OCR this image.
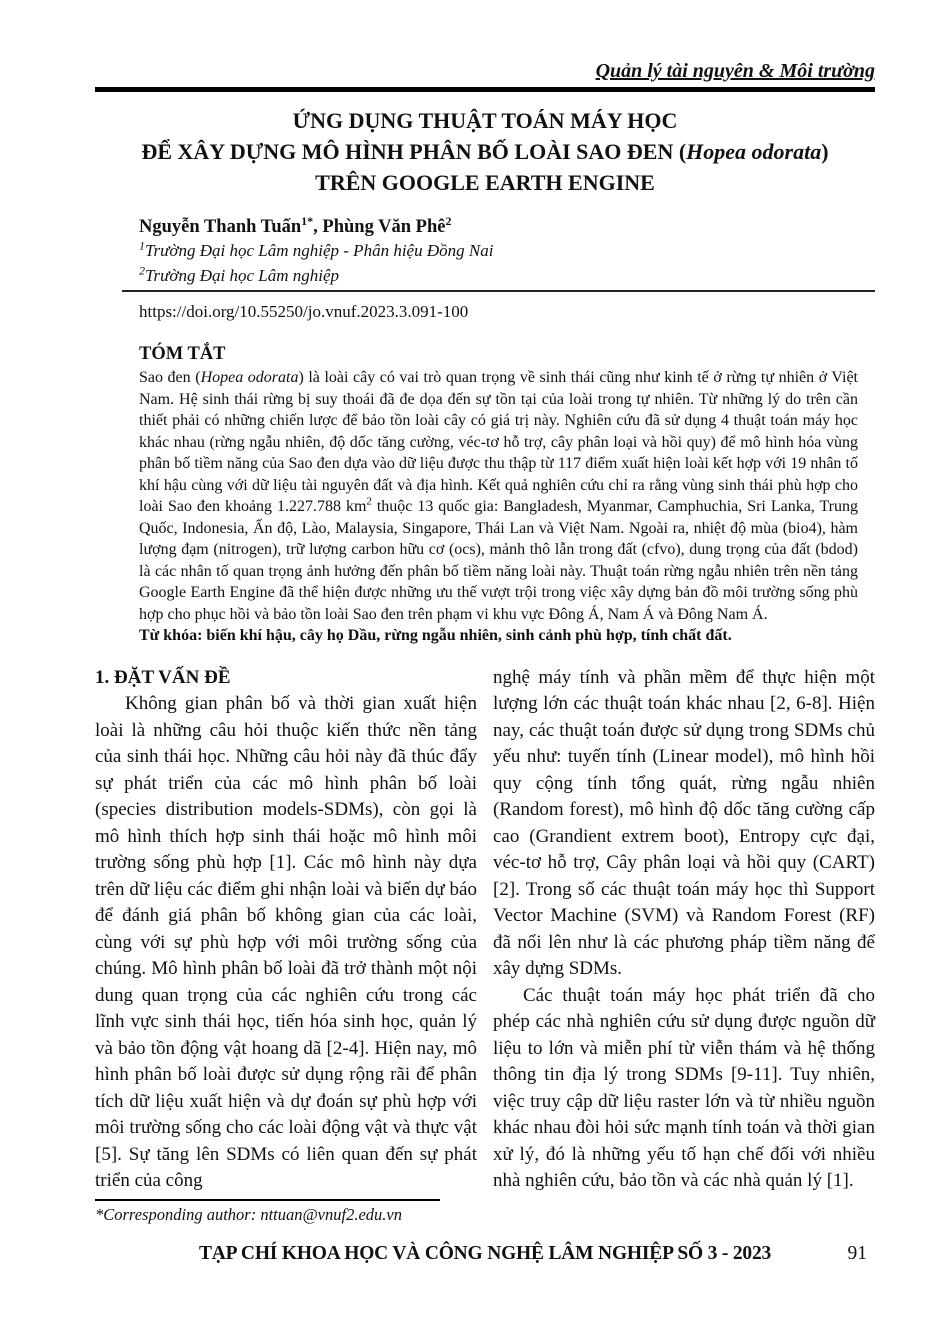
Quản lý tài nguyên & Môi trường
ỨNG DỤNG THUẬT TOÁN MÁY HỌC
ĐỂ XÂY DỰNG MÔ HÌNH PHÂN BỐ LOÀI SAO ĐEN (Hopea odorata)
TRÊN GOOGLE EARTH ENGINE
Nguyễn Thanh Tuấn$^{1*}$, Phùng Văn Phê$^2$
$^1$Trường Đại học Lâm nghiệp - Phân hiệu Đồng Nai
$^2$Trường Đại học Lâm nghiệp
https://doi.org/10.55250/jo.vnuf.2023.3.091-100
TÓM TẮT

Sao đen (Hopea odorata) là loài cây có vai trò quan trọng về sinh thái cũng như kinh tế ở rừng tự nhiên ở Việt Nam. Hệ sinh thái rừng bị suy thoái đã đe dọa đến sự tồn tại của loài trong tự nhiên. Từ những lý do trên cần thiết phải có những chiến lược để bảo tồn loài cây có giá trị này. Nghiên cứu đã sử dụng 4 thuật toán máy học khác nhau (rừng ngẫu nhiên, độ dốc tăng cường, véc-tơ hỗ trợ, cây phân loại và hồi quy) để mô hình hóa vùng phân bố tiềm năng của Sao đen dựa vào dữ liệu được thu thập từ 117 điểm xuất hiện loài kết hợp với 19 nhân tố khí hậu cùng với dữ liệu tài nguyên đất và địa hình. Kết quả nghiên cứu chỉ ra rằng vùng sinh thái phù hợp cho loài Sao đen khoảng 1.227.788 $km^2$ thuộc 13 quốc gia: Bangladesh, Myanmar, Camphuchia, Sri Lanka, Trung Quốc, Indonesia, Ấn độ, Lào, Malaysia, Singapore, Thái Lan và Việt Nam. Ngoài ra, nhiệt độ mùa (bio4), hàm lượng đạm (nitrogen), trữ lượng carbon hữu cơ (ocs), mảnh thô lẫn trong đất (cfvo), dung trọng của đất (bdod) là các nhân tố quan trọng ảnh hưởng đến phân bố tiềm năng loài này. Thuật toán rừng ngẫu nhiên trên nền tảng Google Earth Engine đã thể hiện được những ưu thế vượt trội trong việc xây dựng bản đồ môi trường sống phù hợp cho phục hồi và bảo tồn loài Sao đen trên phạm vi khu vực Đông Á, Nam Á và Đông Nam Á.

Từ khóa: biến khí hậu, cây họ Dầu, rừng ngẫu nhiên, sinh cảnh phù hợp, tính chất đất.

1. ĐẶT VẤN ĐỀ

Không gian phân bố và thời gian xuất hiện loài là những câu hỏi thuộc kiến thức nền tảng của sinh thái học. Những câu hỏi này đã thúc đẩy sự phát triển của các mô hình phân bố loài (species distribution models-SDMs), còn gọi là mô hình thích hợp sinh thái hoặc mô hình môi trường sống phù hợp [1]. Các mô hình này dựa trên dữ liệu các điểm ghi nhận loài và biến dự báo để đánh giá phân bố không gian của các loài, cùng với sự phù hợp với môi trường sống của chúng. Mô hình phân bố loài đã trở thành một nội dung quan trọng của các nghiên cứu trong các lĩnh vực sinh thái học, tiến hóa sinh học, quản lý và bảo tồn động vật hoang dã [2-4]. Hiện nay, mô hình phân bố loài được sử dụng rộng rãi để phân tích dữ liệu xuất hiện và dự đoán sự phù hợp với môi trường sống cho các loài động vật và thực vật [5]. Sự tăng lên SDMs có liên quan đến sự phát triển của công

*Corresponding author: nttuan@vnuf2.edu.vn

nghệ máy tính và phần mềm để thực hiện một lượng lớn các thuật toán khác nhau [2, 6-8]. Hiện nay, các thuật toán được sử dụng trong SDMs chủ yếu như: tuyến tính (Linear model), mô hình hồi quy cộng tính tổng quát, rừng ngẫu nhiên (Random forest), mô hình độ dốc tăng cường cấp cao (Grandient extrem boot), Entropy cực đại, véc-tơ hỗ trợ, Cây phân loại và hồi quy (CART) [2]. Trong số các thuật toán máy học thì Support Vector Machine (SVM) và Random Forest (RF) đã nổi lên như là các phương pháp tiềm năng để xây dựng SDMs.

Các thuật toán máy học phát triển đã cho phép các nhà nghiên cứu sử dụng được nguồn dữ liệu to lớn và miễn phí từ viễn thám và hệ thống thông tin địa lý trong SDMs [9-11]. Tuy nhiên, việc truy cập dữ liệu raster lớn và từ nhiều nguồn khác nhau đòi hỏi sức mạnh tính toán và thời gian xử lý, đó là những yếu tố hạn chế đối với nhiều nhà nghiên cứu, bảo tồn và các nhà quản lý [1].

TẠP CHÍ KHOA HỌC VÀ CÔNG NGHỆ LÂM NGHIỆP SỐ 3 - 2023	91
